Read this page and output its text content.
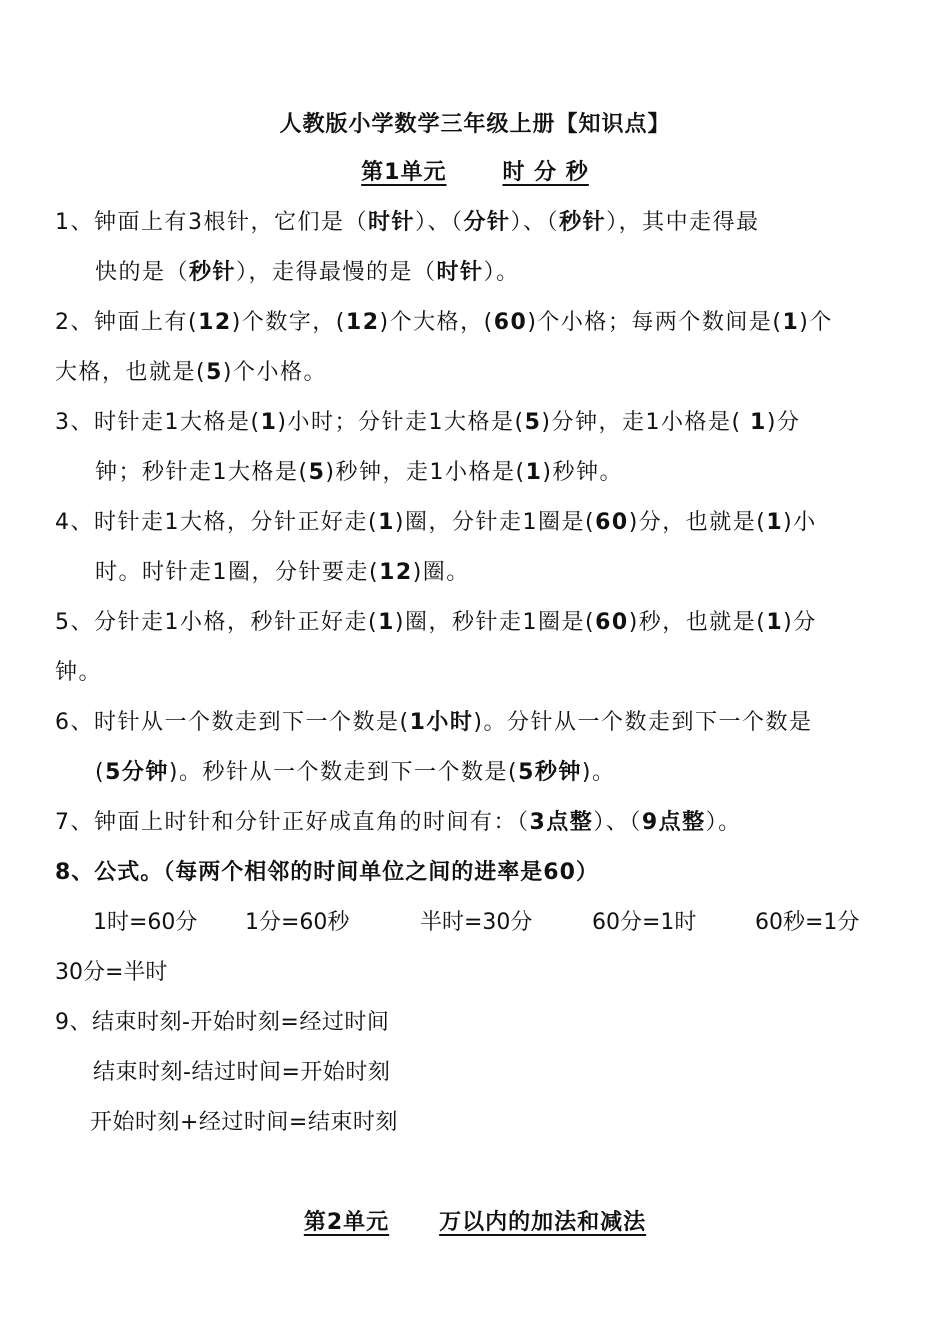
人教版小学数学三年级上册【知识点】
第1单元	时 分 秒
1、钟面上有3根针，它们是（时针）、（分针）、（秒针），其中走得最
快的是（秒针），走得最慢的是（时针）。
2、钟面上有(12)个数字，(12)个大格，(60)个小格；每两个数间是(1)个
大格，也就是(5)个小格。
3、时针走1大格是(1)小时；分针走1大格是(5)分钟，走1小格是( 1)分
钟；秒针走1大格是(5)秒钟，走1小格是(1)秒钟。
4、时针走1大格，分针正好走(1)圈，分针走1圈是(60)分，也就是(1)小
时。时针走1圈，分针要走(12)圈。
5、分针走1小格，秒针正好走(1)圈，秒针走1圈是(60)秒，也就是(1)分
钟。
6、时针从一个数走到下一个数是(1小时)。分针从一个数走到下一个数是
(5分钟)。秒针从一个数走到下一个数是(5秒钟)。
7、钟面上时针和分针正好成直角的时间有：（3点整）、（9点整）。
8、公式。（每两个相邻的时间单位之间的进率是60）
1时=60分 1分=60秒	半时=30分	60分=1时	60秒=1分
30分=半时
9、结束时刻-开始时刻=经过时间
结束时刻-结过时间=开始时刻
开始时刻+经过时间=结束时刻
第2单元 万以内的加法和减法
